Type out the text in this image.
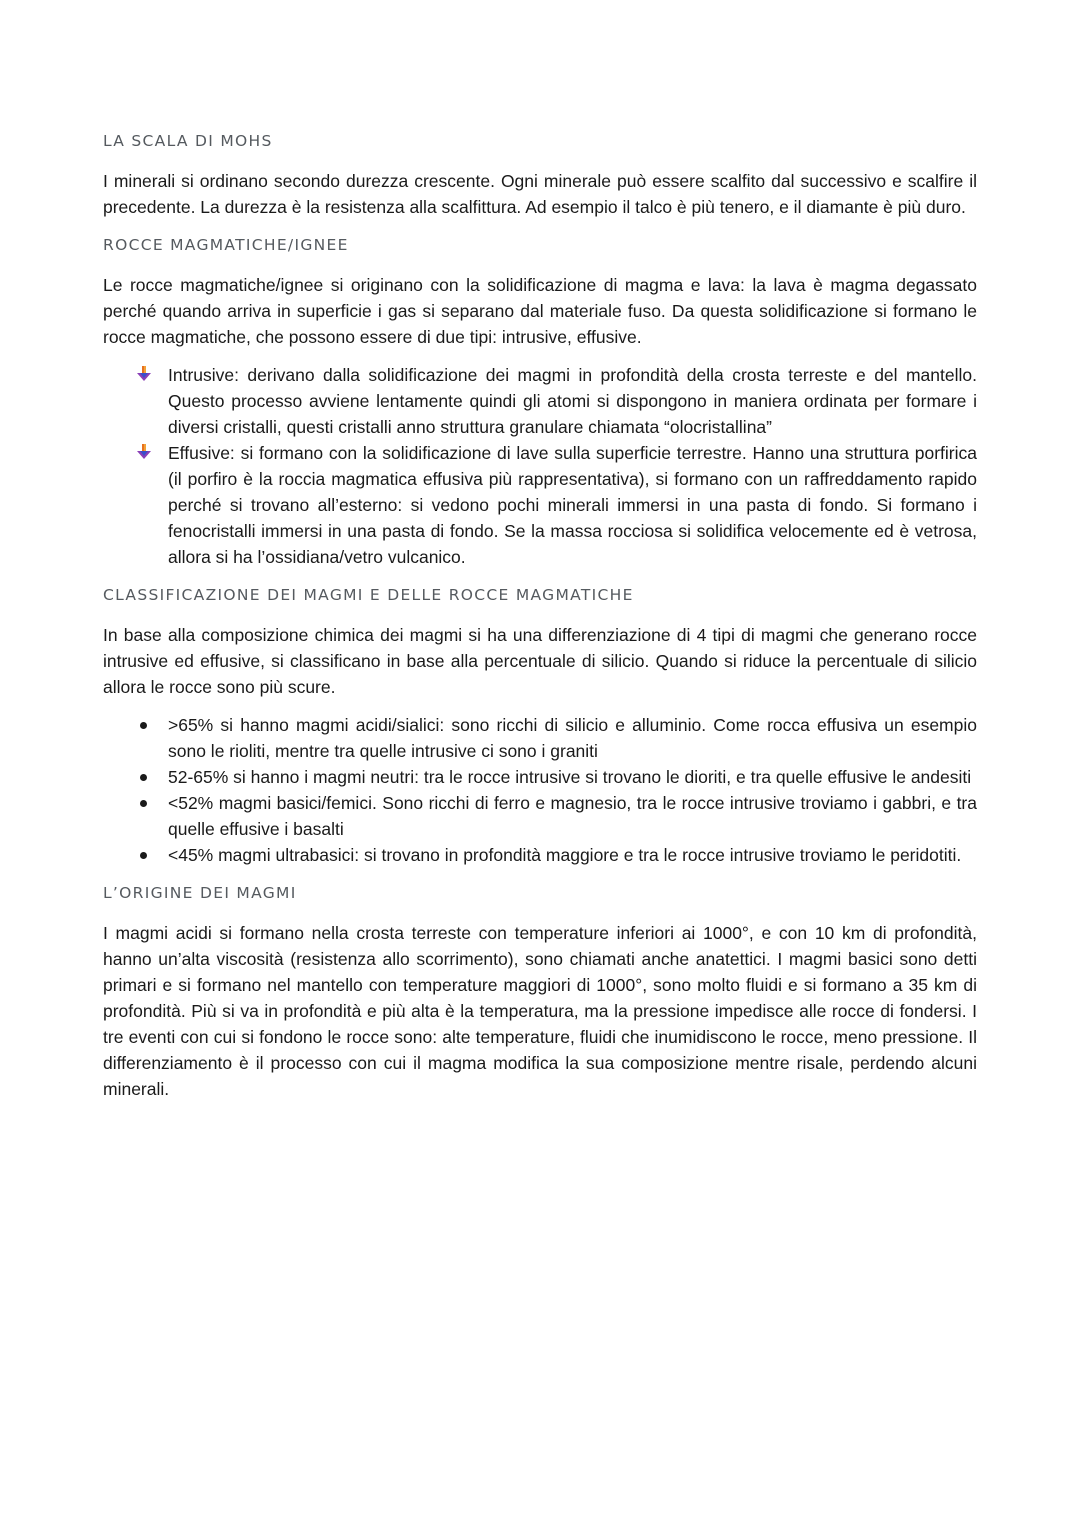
LA SCALA DI MOHS

I minerali si ordinano secondo durezza crescente. Ogni minerale può essere scalfito dal successivo e scalfire il precedente. La durezza è la resistenza alla scalfittura. Ad esempio il talco è più tenero, e il diamante è più duro.

ROCCE MAGMATICHE/IGNEE

Le rocce magmatiche/ignee si originano con la solidificazione di magma e lava: la lava è magma degassato perché quando arriva in superficie i gas si separano dal materiale fuso. Da questa solidificazione si formano le rocce magmatiche, che possono essere di due tipi: intrusive, effusive.

Intrusive: derivano dalla solidificazione dei magmi in profondità della crosta terreste e del mantello. Questo processo avviene lentamente quindi gli atomi si dispongono in maniera ordinata per formare i diversi cristalli, questi cristalli anno struttura granulare chiamata “olocristallina”
Effusive: si formano con la solidificazione di lave sulla superficie terrestre. Hanno una struttura porfirica (il porfiro è la roccia magmatica effusiva più rappresentativa), si formano con un raffreddamento rapido perché si trovano all’esterno: si vedono pochi minerali immersi in una pasta di fondo. Si formano i fenocristalli immersi in una pasta di fondo. Se la massa rocciosa si solidifica velocemente ed è vetrosa, allora si ha l’ossidiana/vetro vulcanico.
CLASSIFICAZIONE DEI MAGMI E DELLE ROCCE MAGMATICHE

In base alla composizione chimica dei magmi si ha una differenziazione di 4 tipi di magmi che generano rocce intrusive ed effusive, si classificano in base alla percentuale di silicio. Quando si riduce la percentuale di silicio allora le rocce sono più scure.

>65% si hanno magmi acidi/sialici: sono ricchi di silicio e alluminio. Come rocca effusiva un esempio sono le rioliti, mentre tra quelle intrusive ci sono i graniti
52-65% si hanno i magmi neutri: tra le rocce intrusive si trovano le dioriti, e tra quelle effusive le andesiti
<52% magmi basici/femici. Sono ricchi di ferro e magnesio, tra le rocce intrusive troviamo i gabbri, e tra quelle effusive i basalti
<45% magmi ultrabasici: si trovano in profondità maggiore e tra le rocce intrusive troviamo le peridotiti.
L’ORIGINE DEI MAGMI

I magmi acidi si formano nella crosta terreste con temperature inferiori ai 1000°, e con 10 km di profondità, hanno un’alta viscosità (resistenza allo scorrimento), sono chiamati anche anatettici. I magmi basici sono detti primari e si formano nel mantello con temperature maggiori di 1000°, sono molto fluidi e si formano a 35 km di profondità. Più si va in profondità e più alta è la temperatura, ma la pressione impedisce alle rocce di fondersi. I tre eventi con cui si fondono le rocce sono: alte temperature, fluidi che inumidiscono le rocce, meno pressione. Il differenziamento è il processo con cui il magma modifica la sua composizione mentre risale, perdendo alcuni minerali.
